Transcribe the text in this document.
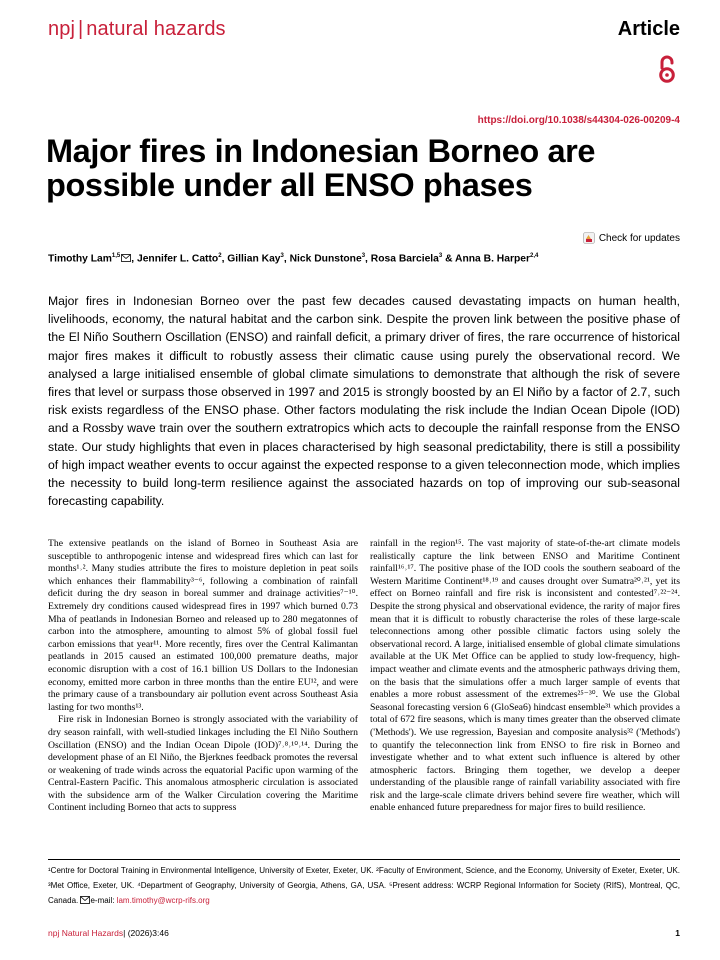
npj | natural hazards	Article
https://doi.org/10.1038/s44304-026-00209-4
Major fires in Indonesian Borneo are possible under all ENSO phases
Check for updates
Timothy Lam$^{1,5}$ , Jennifer L. Catto$^2$, Gillian Kay$^3$, Nick Dunstone$^3$, Rosa Barciela$^3$ & Anna B. Harper$^{2,4}$

Major fires in Indonesian Borneo over the past few decades caused devastating impacts on human health, livelihoods, economy, the natural habitat and the carbon sink. Despite the proven link between the positive phase of the El Niño Southern Oscillation (ENSO) and rainfall deficit, a primary driver of fires, the rare occurrence of historical major fires makes it difficult to robustly assess their climatic cause using purely the observational record. We analysed a large initialised ensemble of global climate simulations to demonstrate that although the risk of severe fires that level or surpass those observed in 1997 and 2015 is strongly boosted by an El Niño by a factor of 2.7, such risk exists regardless of the ENSO phase. Other factors modulating the risk include the Indian Ocean Dipole (IOD) and a Rossby wave train over the southern extratropics which acts to decouple the rainfall response from the ENSO state. Our study highlights that even in places characterised by high seasonal predictability, there is still a possibility of high impact weather events to occur against the expected response to a given teleconnection mode, which implies the necessity to build long-term resilience against the associated hazards on top of improving our sub-seasonal forecasting capability.

The extensive peatlands on the island of Borneo in Southeast Asia are susceptible to anthropogenic intense and widespread fires which can last for months¹˒². Many studies attribute the fires to moisture depletion in peat soils which enhances their flammability³⁻⁶, following a combination of rainfall deficit during the dry season in boreal summer and drainage activities⁷⁻¹⁰. Extremely dry conditions caused widespread fires in 1997 which burned 0.73 Mha of peatlands in Indonesian Borneo and released up to 280 megatonnes of carbon into the atmosphere, amounting to almost 5% of global fossil fuel carbon emissions that year¹¹. More recently, fires over the Central Kalimantan peatlands in 2015 caused an estimated 100,000 premature deaths, major economic disruption with a cost of 16.1 billion US Dollars to the Indonesian economy, emitted more carbon in three months than the entire EU¹², and were the primary cause of a transboundary air pollution event across Southeast Asia lasting for two months¹³.

Fire risk in Indonesian Borneo is strongly associated with the variability of dry season rainfall, with well-studied linkages including the El Niño Southern Oscillation (ENSO) and the Indian Ocean Dipole (IOD)⁷˒⁸˒¹⁰˒¹⁴. During the development phase of an El Niño, the Bjerknes feedback promotes the reversal or weakening of trade winds across the equatorial Pacific upon warming of the Central-Eastern Pacific. This anomalous atmospheric circulation is associated with the subsidence arm of the Walker Circulation covering the Maritime Continent including Borneo that acts to suppress

rainfall in the region¹⁵. The vast majority of state-of-the-art climate models realistically capture the link between ENSO and Maritime Continent rainfall¹⁶˒¹⁷. The positive phase of the IOD cools the southern seaboard of the Western Maritime Continent¹⁸˒¹⁹ and causes drought over Sumatra²⁰˒²¹, yet its effect on Borneo rainfall and fire risk is inconsistent and contested⁷˒²²⁻²⁴. Despite the strong physical and observational evidence, the rarity of major fires mean that it is difficult to robustly characterise the roles of these large-scale teleconnections among other possible climatic factors using solely the observational record. A large, initialised ensemble of global climate simulations available at the UK Met Office can be applied to study low-frequency, high-impact weather and climate events and the atmospheric pathways driving them, on the basis that the simulations offer a much larger sample of events that enables a more robust assessment of the extremes²⁵⁻³⁰. We use the Global Seasonal forecasting version 6 (GloSea6) hindcast ensemble³¹ which provides a total of 672 fire seasons, which is many times greater than the observed climate ('Methods'). We use regression, Bayesian and composite analysis³² ('Methods') to quantify the teleconnection link from ENSO to fire risk in Borneo and investigate whether and to what extent such influence is altered by other atmospheric factors. Bringing them together, we develop a deeper understanding of the plausible range of rainfall variability associated with fire risk and the large-scale climate drivers behind severe fire weather, which will enable enhanced future preparedness for major fires to build resilience.

¹Centre for Doctoral Training in Environmental Intelligence, University of Exeter, Exeter, UK. ²Faculty of Environment, Science, and the Economy, University of Exeter, Exeter, UK. ³Met Office, Exeter, UK. ⁴Department of Geography, University of Georgia, Athens, GA, USA. ⁵Present address: WCRP Regional Information for Society (RIfS), Montreal, QC, Canada. e-mail: lam.timothy@wcrp-rifs.org

npj Natural Hazards| (2026)3:46	1
